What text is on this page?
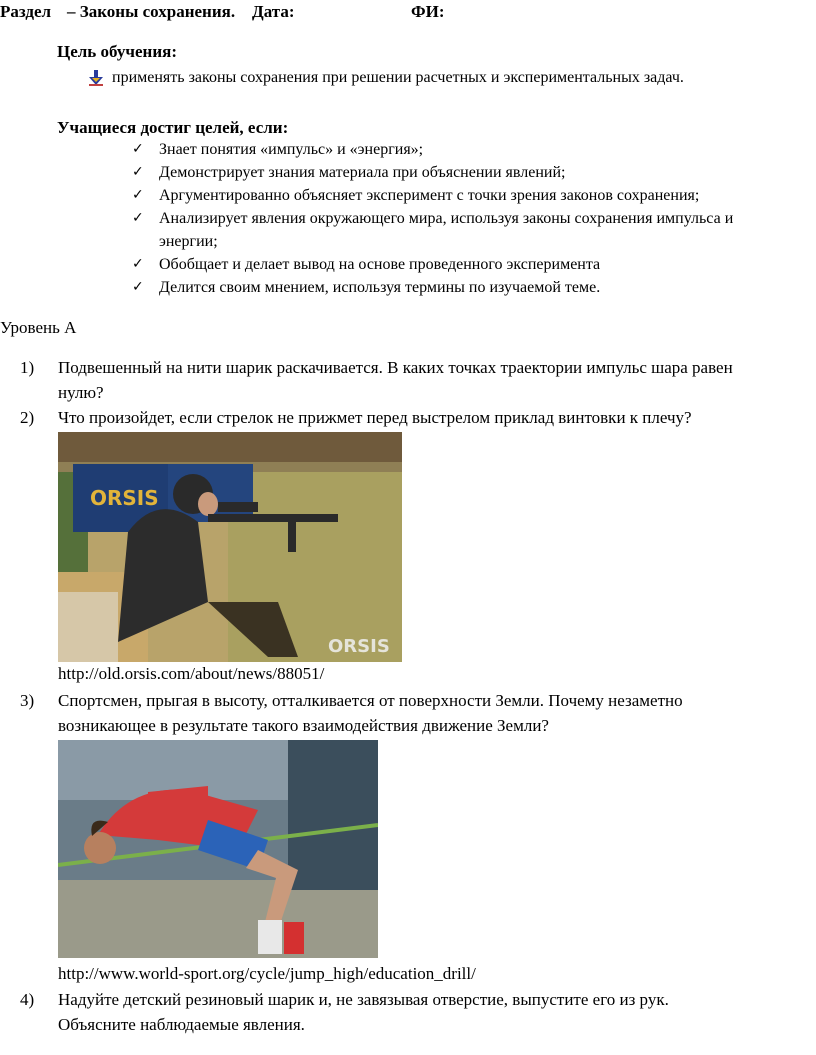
Раздел – Законы сохранения. Дата:	ФИ:
Цель обучения:
применять законы сохранения при решении расчетных и экспериментальных задач.
Учащиеся достиг целей, если:
✓ Знает понятия «импульс» и «энергия»;
✓ Демонстрирует знания материала при объяснении явлений;
✓ Аргументированно объясняет эксперимент с точки зрения законов сохранения;
✓ Анализирует явления окружающего мира, используя законы сохранения импульса и
энергии;
✓ Обобщает и делает вывод на основе проведенного эксперимента
✓ Делится своим мнением, используя термины по изучаемой теме.
Уровень А
1) Подвешенный на нити шарик раскачивается. В каких точках траектории импульс шара равен
нулю?
2) Что произойдет, если стрелок не прижмет перед выстрелом приклад винтовки к плечу?
ORSIS
ORSIS
http://old.orsis.com/about/news/88051/
3) Спортсмен, прыгая в высоту, отталкивается от поверхности Земли. Почему незаметно
возникающее в результате такого взаимодействия движение Земли?
http://www.world-sport.org/cycle/jump_high/education_drill/
4) Надуйте детский резиновый шарик и, не завязывая отверстие, выпустите его из рук.
Объясните наблюдаемые явления.
